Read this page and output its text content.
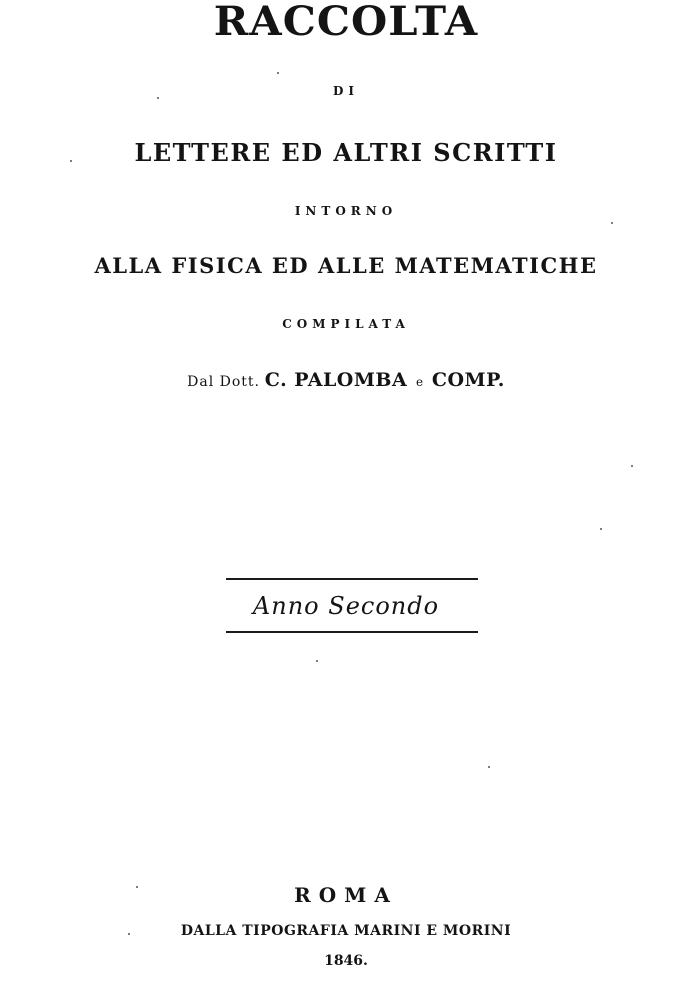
RACCOLTA
DI
LETTERE ED ALTRI SCRITTI
INTORNO
ALLA FISICA ED ALLE MATEMATICHE
COMPILATA
Dal Dott. C. PALOMBA e COMP.
Anno Secondo
ROMA
DALLA TIPOGRAFIA MARINI E MORINI
1846.
